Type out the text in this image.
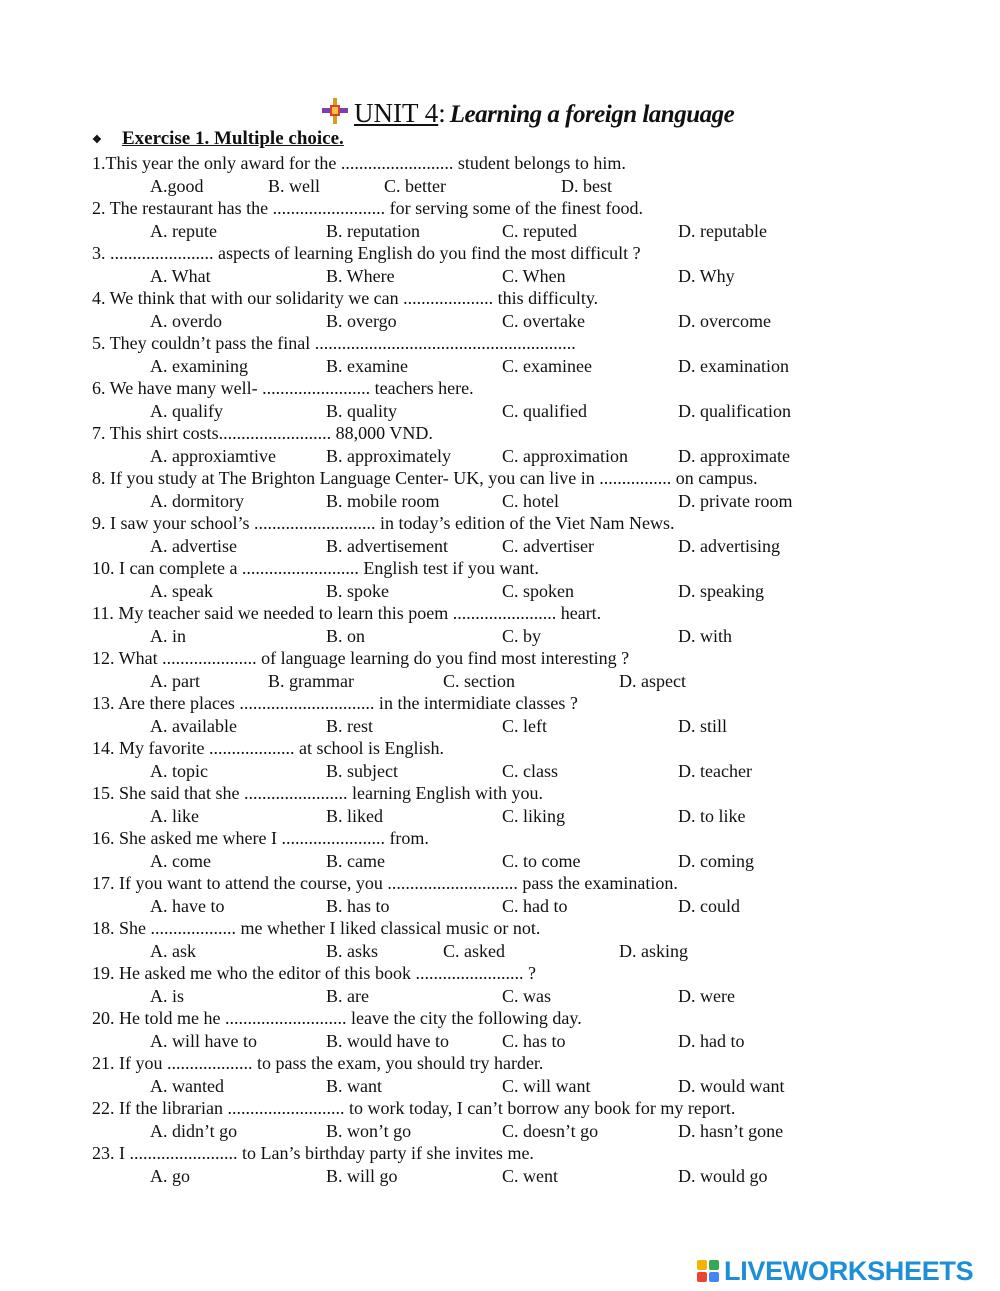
UNIT 4 : Learning a foreign language
❖	Exercise 1. Multiple choice.
1.This year the only award for the ......................... student belongs to him.
A.good	B. well	C. better	D. best
2. The restaurant has the ......................... for serving some of the finest food.
A. repute	B. reputation	C. reputed	D. reputable
3. ....................... aspects of learning English do you find the most difficult ?
A. What	B. Where	C. When	D. Why
4. We think that with our solidarity we can .................... this difficulty.
A. overdo	B. overgo	C. overtake	D. overcome
5. They couldn’t pass the final ..........................................................
A. examining	B. examine	C. examinee	D. examination
6. We have many well- ........................ teachers here.
A. qualify	B. quality	C. qualified	D. qualification
7. This shirt costs......................... 88,000 VND.
A. approxiamtive	B. approximately	C. approximation	D. approximate
8. If you study at The Brighton Language Center- UK, you can live in ................ on campus.
A. dormitory	B. mobile room	C. hotel	D. private room
9. I saw your school’s ........................... in today’s edition of the Viet Nam News.
A. advertise	B. advertisement	C. advertiser	D. advertising
10. I can complete a .......................... English test if you want.
A. speak	B. spoke	C. spoken	D. speaking
11. My teacher said we needed to learn this poem ....................... heart.
A. in	B. on	C. by	D. with
12. What ..................... of language learning do you find most interesting ?
A. part	B. grammar	C. section	D. aspect
13. Are there places .............................. in the intermidiate classes ?
A. available	B. rest	C. left	D. still
14. My favorite ................... at school is English.
A. topic	B. subject	C. class	D. teacher
15. She said that she ....................... learning English with you.
A. like	B. liked	C. liking	D. to like
16. She asked me where I ....................... from.
A. come	B. came	C. to come	D. coming
17. If you want to attend the course, you ............................. pass the examination.
A. have to	B. has to	C. had to	D. could
18. She ................... me whether I liked classical music or not.
A. ask	B. asks	C. asked	D. asking
19. He asked me who the editor of this book ........................ ?
A. is	B. are	C. was	D. were
20. He told me he ........................... leave the city the following day.
A. will have to	B. would have to	C. has to	D. had to
21. If you ................... to pass the exam, you should try harder.
A. wanted	B. want	C. will want	D. would want
22. If the librarian .......................... to work today, I can’t borrow any book for my report.
A. didn’t go	B. won’t go	C. doesn’t go	D. hasn’t gone
23. I ........................ to Lan’s birthday party if she invites me.
A. go	B. will go	C. went	D. would go
LIVEWORKSHEETS
